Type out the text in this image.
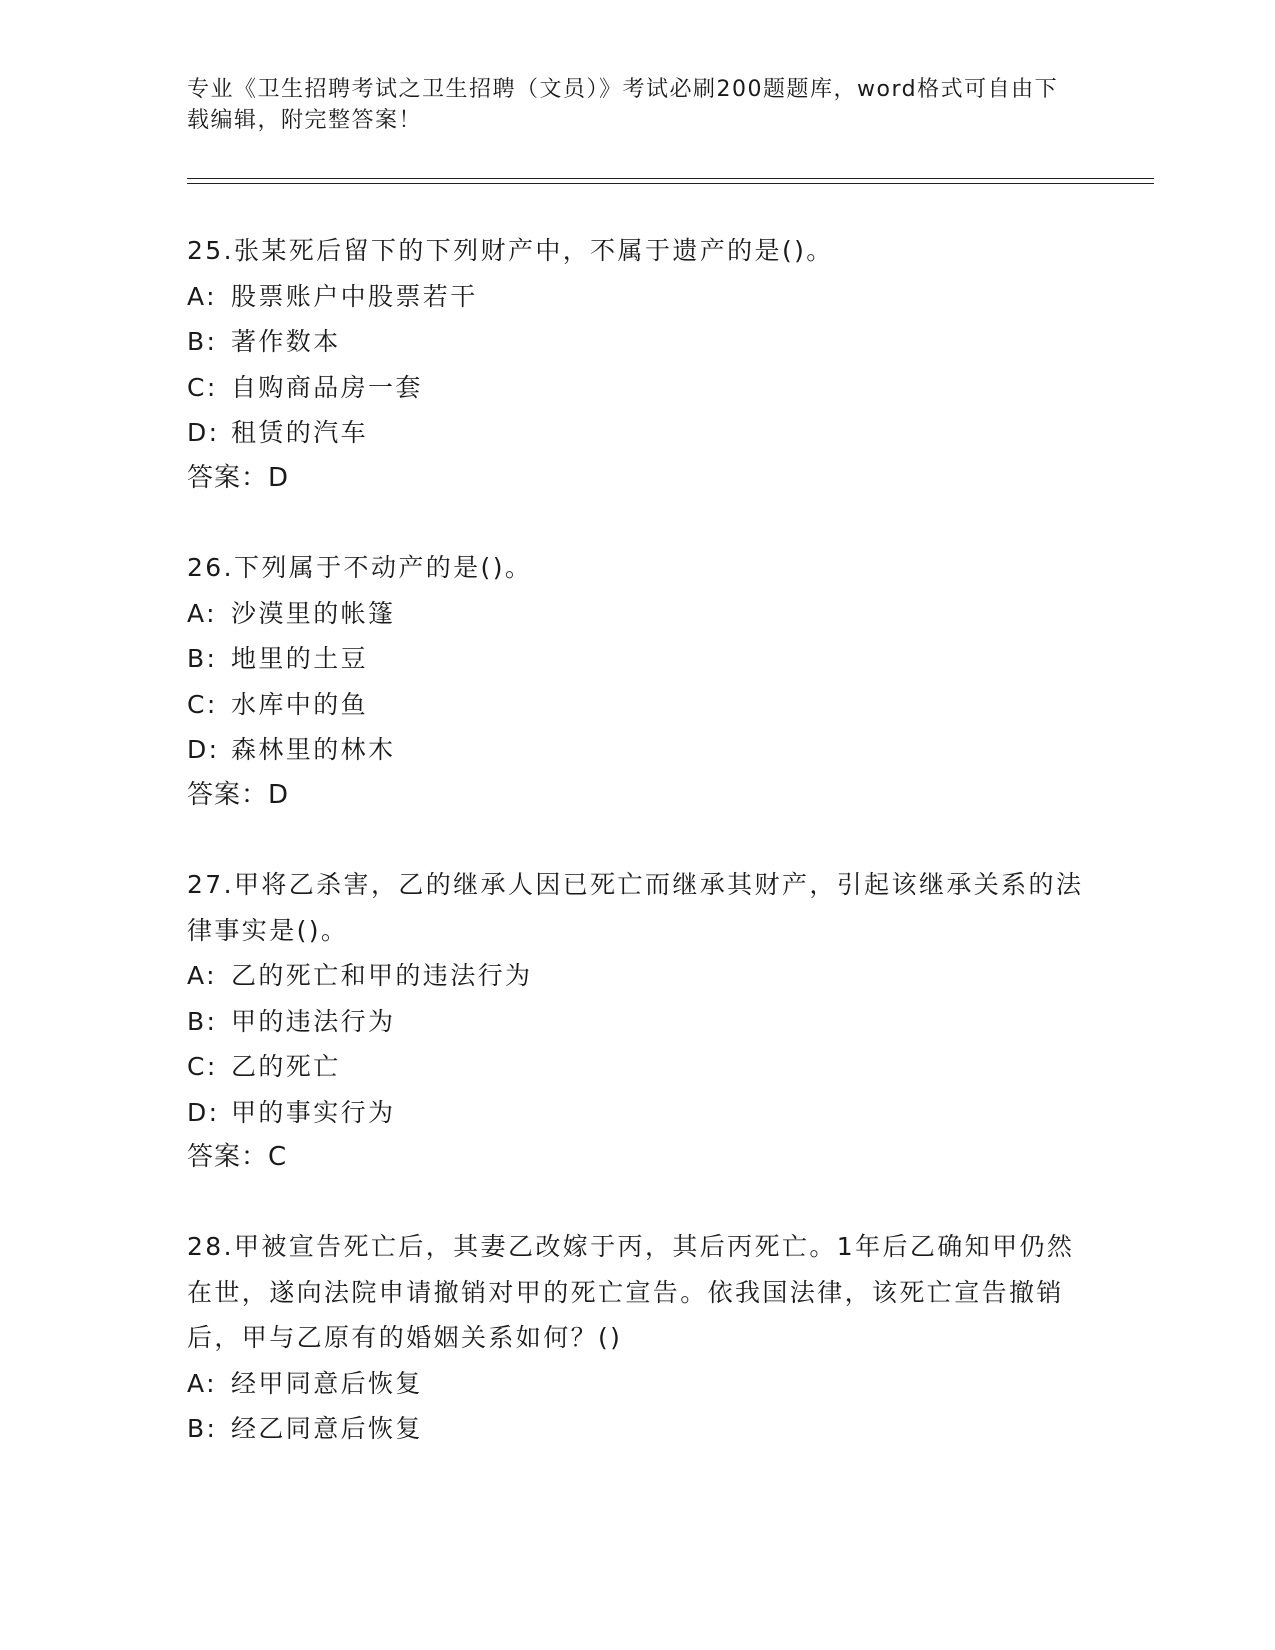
专业《卫生招聘考试之卫生招聘（文员）》考试必刷200题题库，word格式可自由下载编辑，附完整答案！

25.张某死后留下的下列财产中，不属于遗产的是()。

A: 股票账户中股票若干

B: 著作数本

C: 自购商品房一套

D: 租赁的汽车

答案：D

26.下列属于不动产的是()。

A: 沙漠里的帐篷

B: 地里的土豆

C: 水库中的鱼

D: 森林里的林木

答案：D

27.甲将乙杀害，乙的继承人因已死亡而继承其财产，引起该继承关系的法律事实是()。

A: 乙的死亡和甲的违法行为

B: 甲的违法行为

C: 乙的死亡

D: 甲的事实行为

答案：C

28.甲被宣告死亡后，其妻乙改嫁于丙，其后丙死亡。1年后乙确知甲仍然在世，遂向法院申请撤销对甲的死亡宣告。依我国法律，该死亡宣告撤销后，甲与乙原有的婚姻关系如何？()

A: 经甲同意后恢复

B: 经乙同意后恢复
